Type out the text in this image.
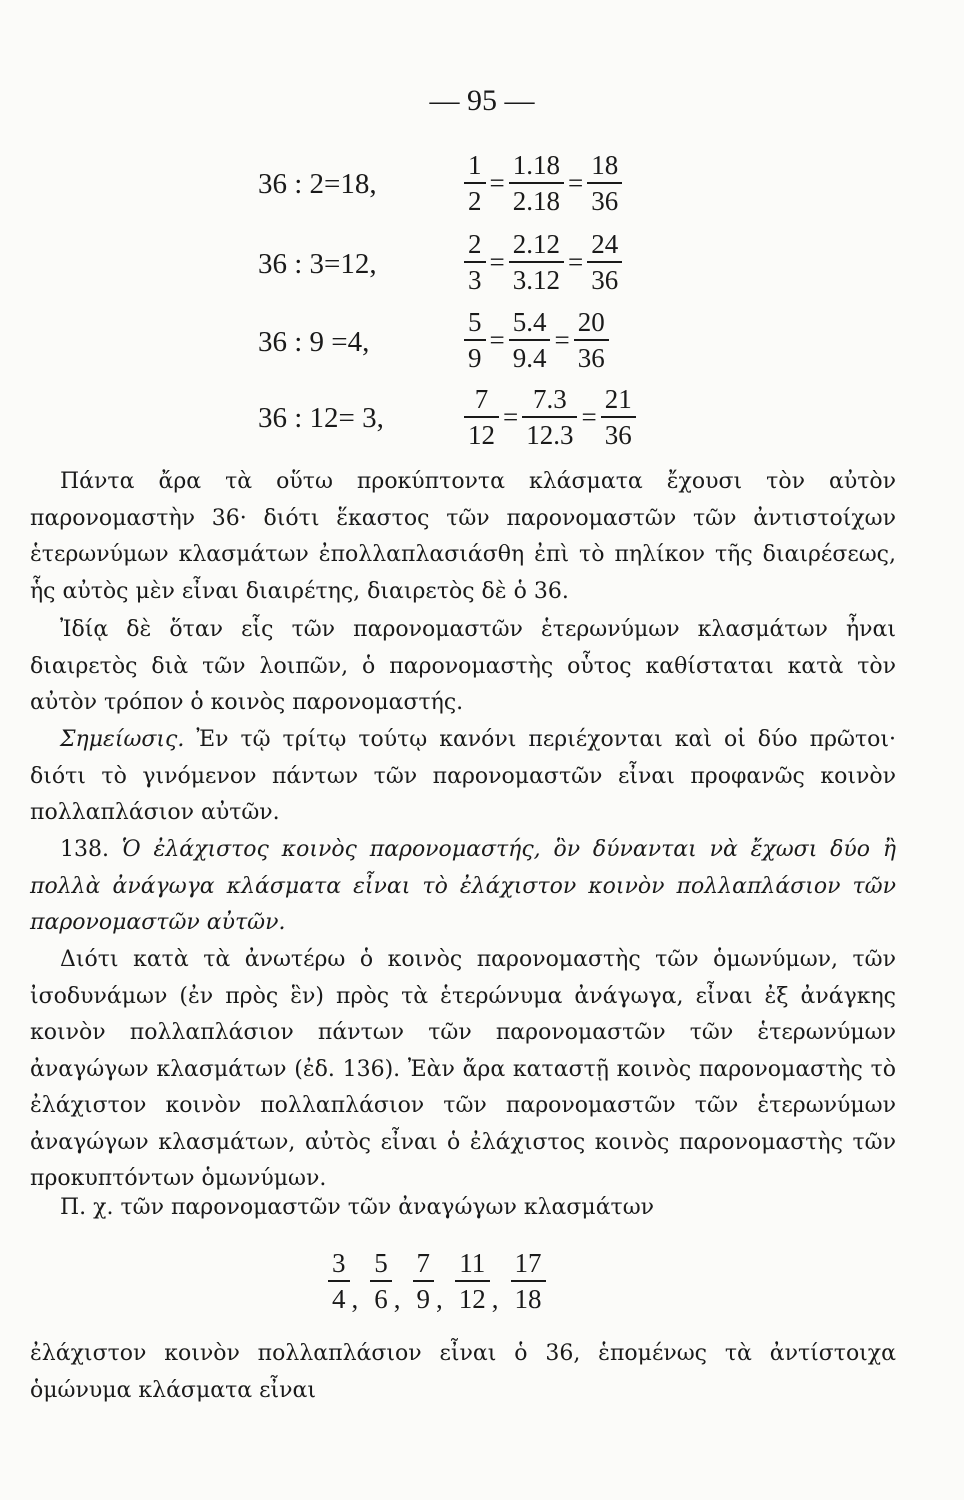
— 95 —
36 : 2=18,
36 : 3=12,
36 : 9 =4,
36 : 12= 3,
$\frac{1}{2} = \frac{1.18}{2.18} = \frac{18}{36}$
$\frac{2}{3} = \frac{2.12}{3.12} = \frac{24}{36}$
$\frac{5}{9} = \frac{5.4}{9.4} = \frac{20}{36}$
$\frac{7}{12} = \frac{7.3}{12.3} = \frac{21}{36}$
Πάντα ἄρα τὰ οὕτω προκύπτοντα κλάσματα ἔχουσι τὸν αὐτὸν παρονομαστὴν 36· διότι ἕκαστος τῶν παρονομαστῶν τῶν ἀντιστοίχων ἑτερωνύμων κλασμάτων ἐπολλαπλασιάσθη ἐπὶ τὸ πηλίκον τῆς διαιρέσεως, ἧς αὐτὸς μὲν εἶναι διαιρέτης, διαιρετὸς δὲ ὁ 36.
Ἰδίᾳ δὲ ὅταν εἷς τῶν παρονομαστῶν ἑτερωνύμων κλασμάτων ἦναι διαιρετὸς διὰ τῶν λοιπῶν, ὁ παρονομαστὴς οὗτος καθίσταται κατὰ τὸν αὐτὸν τρόπον ὁ κοινὸς παρονομαστής.
Σημείωσις. Ἐν τῷ τρίτῳ τούτῳ κανόνι περιέχονται καὶ οἱ δύο πρῶτοι· διότι τὸ γινόμενον πάντων τῶν παρονομαστῶν εἶναι προφανῶς κοινὸν πολλαπλάσιον αὐτῶν.
138. Ὁ ἐλάχιστος κοινὸς παρονομαστής, ὃν δύνανται νὰ ἔχωσι δύο ἢ πολλὰ ἀνάγωγα κλάσματα εἶναι τὸ ἐλάχιστον κοινὸν πολλαπλάσιον τῶν παρονομαστῶν αὐτῶν.
Διότι κατὰ τὰ ἀνωτέρω ὁ κοινὸς παρονομαστὴς τῶν ὁμωνύμων, τῶν ἰσοδυνάμων (ἐν πρὸς ἓν) πρὸς τὰ ἑτερώνυμα ἀνάγωγα, εἶναι ἐξ ἀνάγκης κοινὸν πολλαπλάσιον πάντων τῶν παρονομαστῶν τῶν ἑτερωνύμων ἀναγώγων κλασμάτων (ἐδ. 136). Ἐὰν ἄρα καταστῇ κοινὸς παρονομαστὴς τὸ ἐλάχιστον κοινὸν πολλαπλάσιον τῶν παρονομαστῶν τῶν ἑτερωνύμων ἀναγώγων κλασμάτων, αὐτὸς εἶναι ὁ ἐλάχιστος κοινὸς παρονομαστὴς τῶν προκυπτόντων ὁμωνύμων.
Π. χ. τῶν παρονομαστῶν τῶν ἀναγώγων κλασμάτων
$\frac{3}{4}$ , $\frac{5}{6}$ , $\frac{7}{9}$ , $\frac{11}{12}$ , $\frac{17}{18}$
ἐλάχιστον κοινὸν πολλαπλάσιον εἶναι ὁ 36, ἑπομένως τὰ ἀντίστοιχα ὁμώνυμα κλάσματα εἶναι
